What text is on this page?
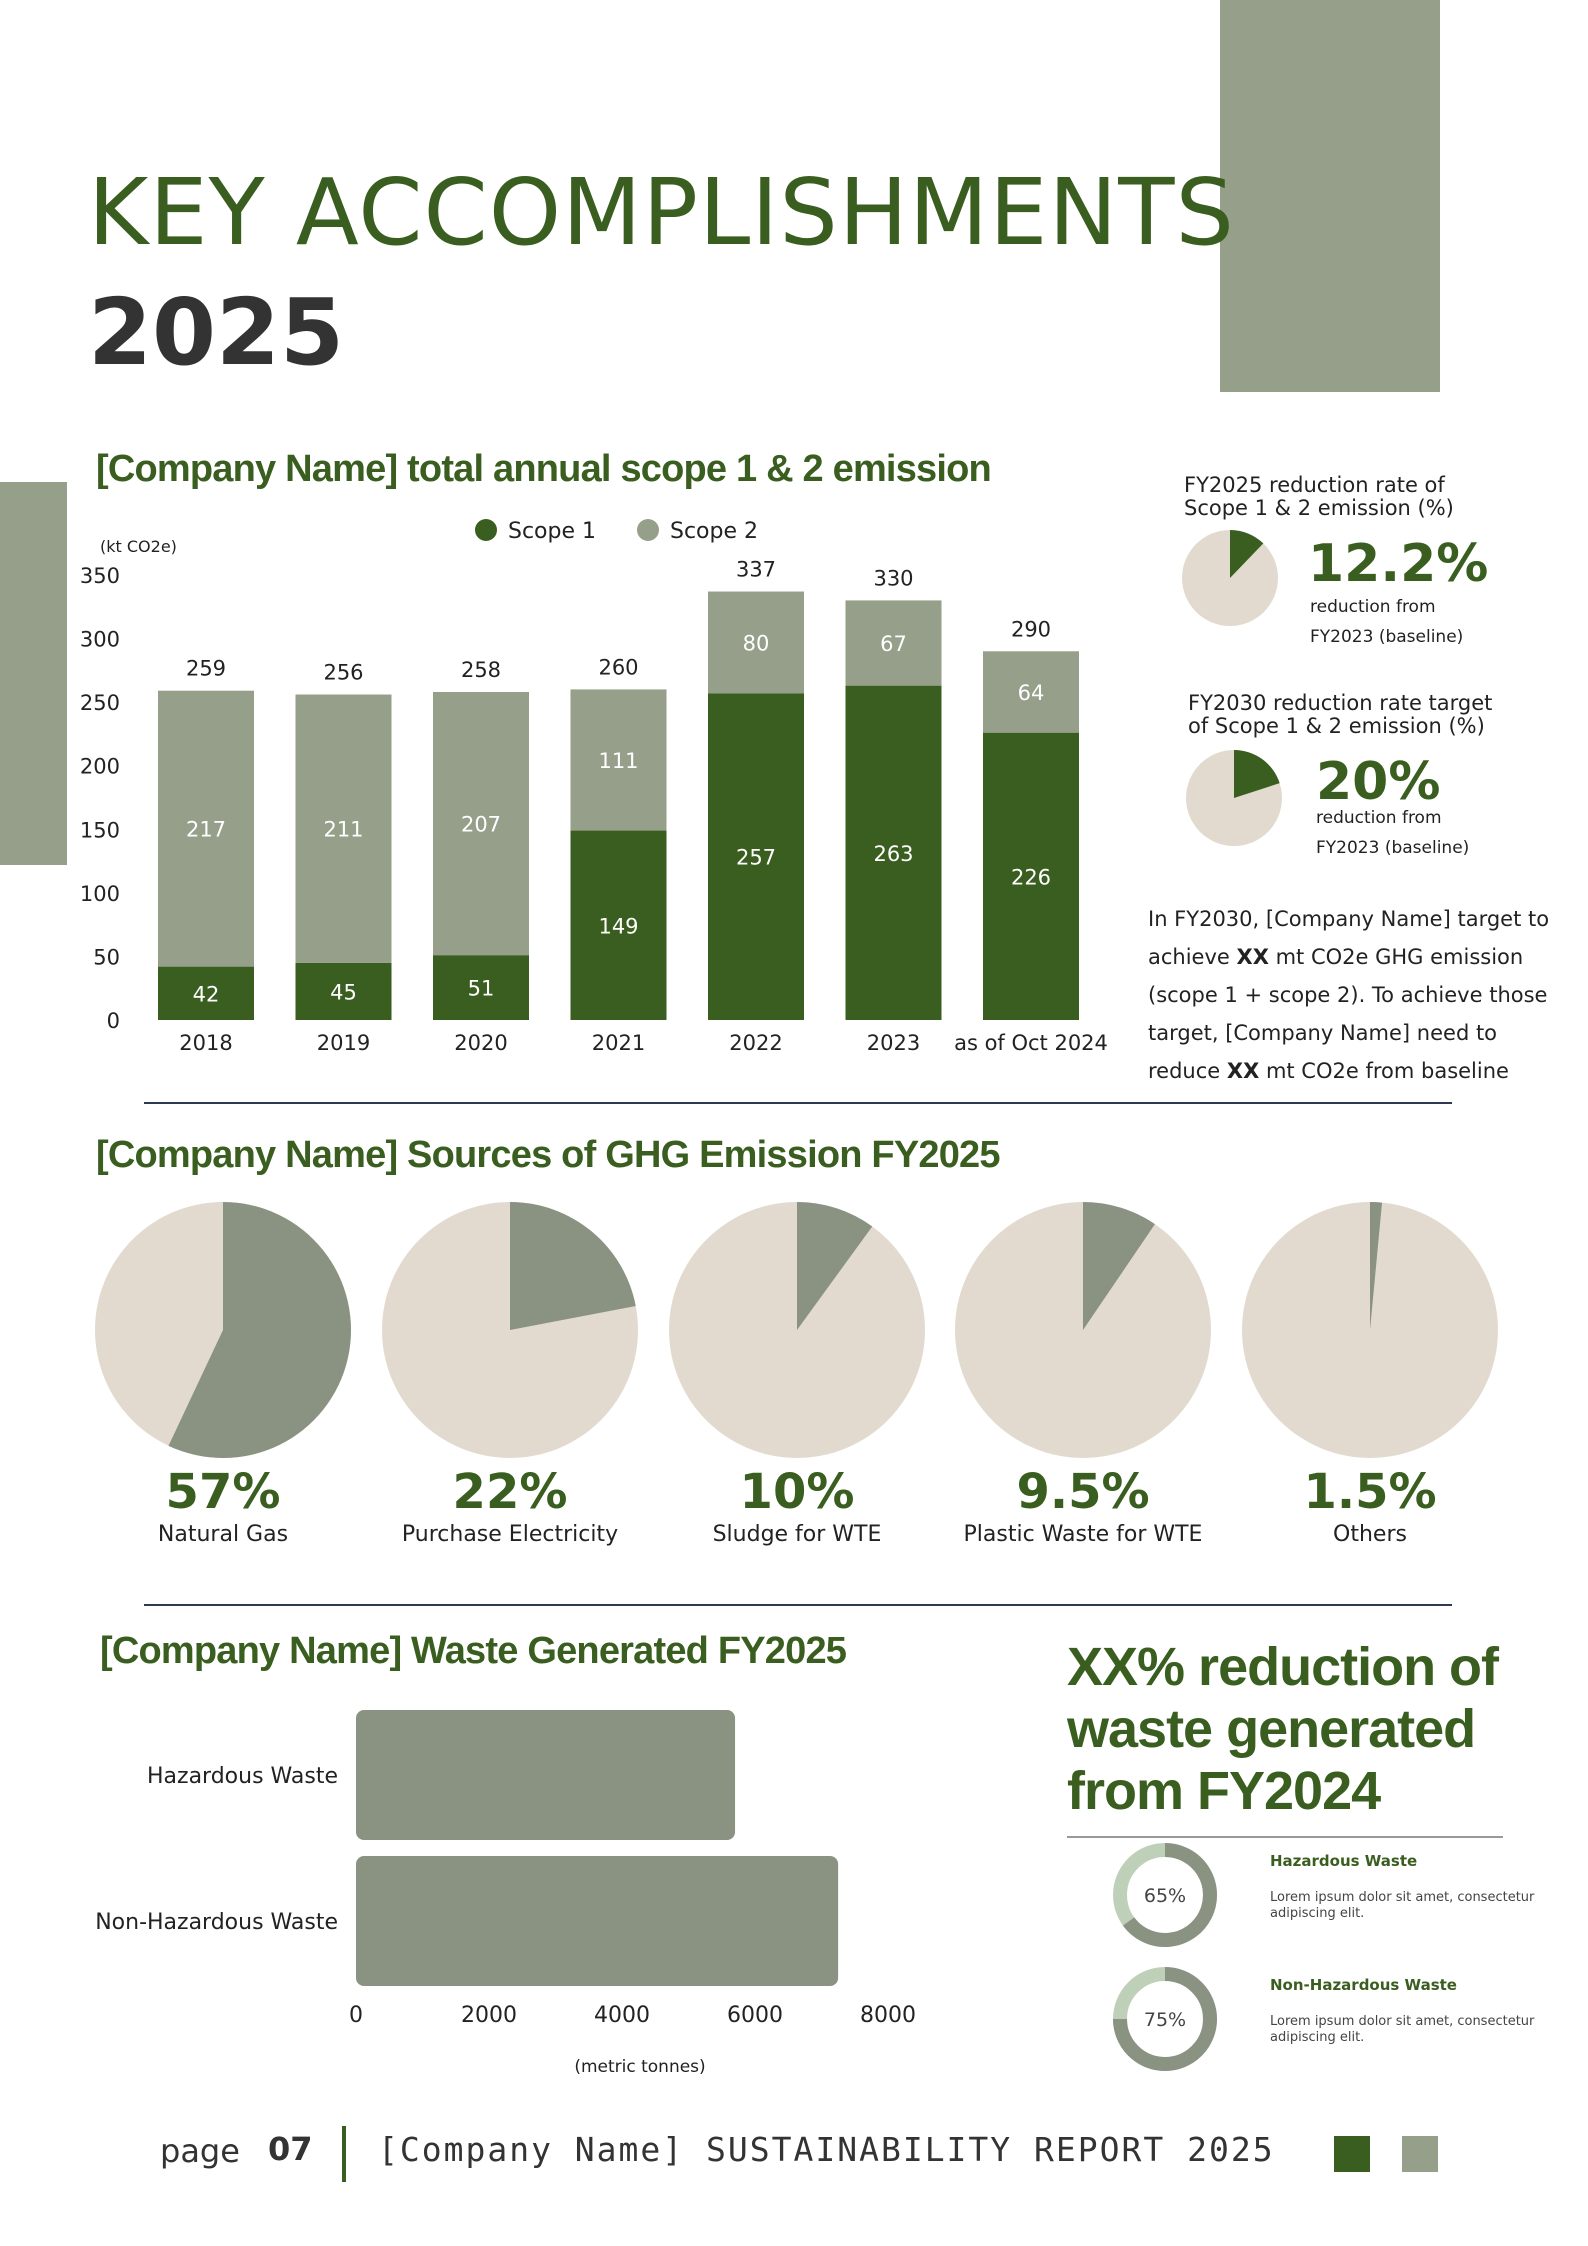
KEY ACCOMPLISHMENTS
2025
[Company Name] total annual scope 1 & 2 emission
Scope 1	Scope 2
(kt CO2e)
0
50
100
150
200
250
300
350
42
217
259
2018
45
211
256
2019
51
207
258
2020
149
111
260
2021
257
80
337
2022
263
67
330
2023
226
64
290
as of Oct 2024
FY2025 reduction rate of Scope 1 & 2 emission (%)
12.2%
reduction from
FY2023 (baseline)
FY2030 reduction rate target of Scope 1 & 2 emission (%)
20%
reduction from
FY2023 (baseline)
In FY2030, [Company Name] target to achieve XX mt CO2e GHG emission (scope 1 + scope 2). To achieve those target, [Company Name] need to reduce XX mt CO2e from baseline
[Company Name] Sources of GHG Emission FY2025
57%
Natural Gas
22%
Purchase Electricity
10%
Sludge for WTE
9.5%
Plastic Waste for WTE
1.5%
Others
[Company Name] Waste Generated FY2025
Hazardous Waste
Non-Hazardous Waste
0	2000	4000	6000	8000
(metric tonnes)
XX% reduction of waste generated from FY2024
65%
Hazardous Waste
Lorem ipsum dolor sit amet, consectetur adipiscing elit.
75%
Non-Hazardous Waste
Lorem ipsum dolor sit amet, consectetur adipiscing elit.
page 07 [Company Name] SUSTAINABILITY REPORT 2025
